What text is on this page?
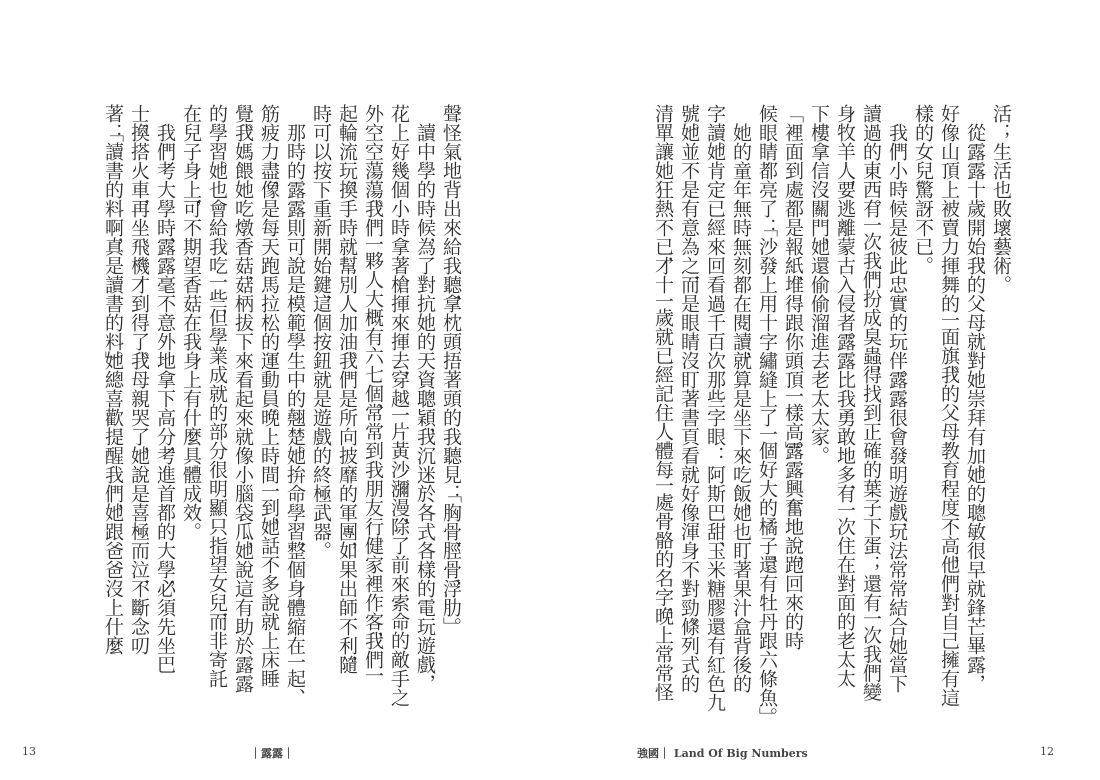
聲怪氣地背出來給我聽，拿枕頭捂著頭的我聽見：「胸骨、脛骨、浮肋。」
　讀中學的時候，為了對抗她的天資聰穎，我沉迷於各式各樣的電玩遊戲，
花上好幾個小時拿著槍揮來揮去，穿越一片黃沙瀰漫，除了前來索命的敵手之
外空空蕩蕩。我們一夥人大概有六七個，常常到我朋友行健家裡作客，我們一
起輪流玩，換手時就幫別人加油。我們是所向披靡的軍團，如果出師不利，隨
時可以按下重新開始鍵，這個按鈕就是遊戲的終極武器。
　那時的露露則可說是模範學生中的翹楚。她拚命學習，整個身體縮在一起、
筋疲力盡，像是每天跑馬拉松的運動員。晚上時間一到，她話不多說就上床睡
覺。我媽餵她吃燉香菇，菇柄拔下來看起來就像小腦袋瓜，她說這有助於露露
的學習。她也會給我吃一些，但學業成就的部分很明顯只指望女兒，而非寄託
在兒子身上，可不期望香菇在我身上有什麼具體成效。
　我們考大學時，露露毫不意外地拿下高分，考進首都的大學，必須先坐巴
士，換搭火車，再坐飛機才到得了。我母親哭了，她說是喜極而泣，不斷念叨
著：「讀書的料啊，真是讀書的料。」她總喜歡提醒我們，她跟爸爸沒上什麼
13	｜露露｜
活；生活也敗壞藝術。
　從露露十歲開始，我的父母就對她崇拜有加。她的聰敏很早就鋒芒畢露，
好像山頂上被賣力揮舞的一面旗。我的父母教育程度不高，他們對自己擁有這
樣的女兒驚訝不已。
　我們小時候是彼此忠實的玩伴。露露很會發明遊戲，玩法常常結合她當下
讀過的東西。有一次我們扮成臭蟲，得找到正確的葉子下蛋；還有一次我們變
身牧羊人，要逃離蒙古入侵者。露露比我勇敢地多，有一次住在對面的老太太
下樓拿信沒關門，她還偷偷溜進去老太太家。
　「裡面到處都是報紙，堆得跟你頭頂一樣高。」露露興奮地說，跑回來的時
候眼睛都亮了：「沙發上用十字繡縫上了一個好大的橘子，還有牡丹跟六條魚。」
　她的童年無時無刻都在閱讀，就算是坐下來吃飯，她也盯著果汁盒背後的
字讀。她肯定已經來回看過千百次那些字眼：阿斯巴甜、玉米糖膠還有紅色九
號。她並不是有意為之，而是眼睛沒盯著書頁看就好像渾身不對勁。條列式的
清單讓她狂熱不已，才十一歲就已經記住人體每一處骨骼的名字，晚上常常怪
強國｜ Land Of Big Numbers	12
